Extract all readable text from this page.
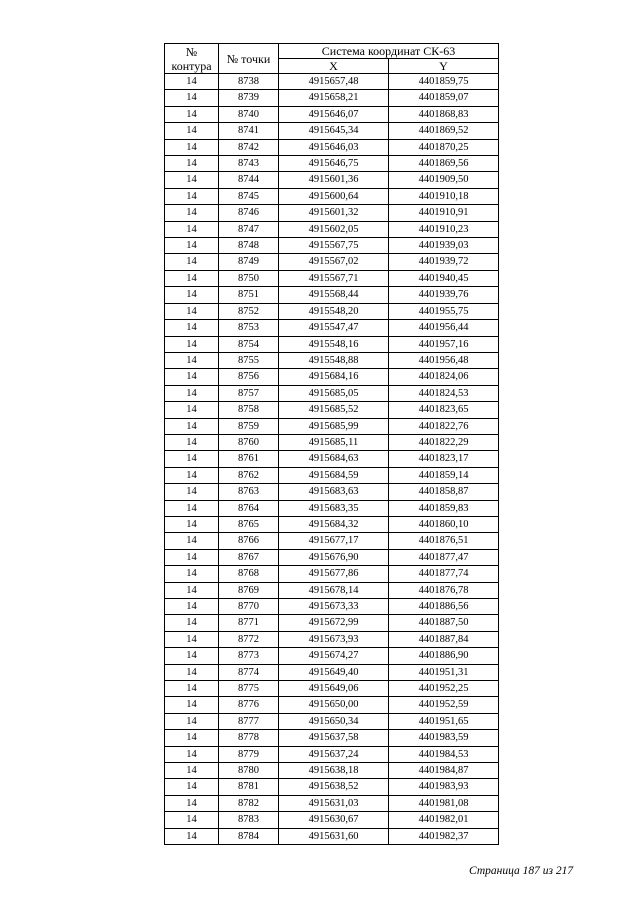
№
контура	№ точки	Система координат СК-63	
		X	Y
14	8738	4915657,48	4401859,75
14	8739	4915658,21	4401859,07
14	8740	4915646,07	4401868,83
14	8741	4915645,34	4401869,52
14	8742	4915646,03	4401870,25
14	8743	4915646,75	4401869,56
14	8744	4915601,36	4401909,50
14	8745	4915600,64	4401910,18
14	8746	4915601,32	4401910,91
14	8747	4915602,05	4401910,23
14	8748	4915567,75	4401939,03
14	8749	4915567,02	4401939,72
14	8750	4915567,71	4401940,45
14	8751	4915568,44	4401939,76
14	8752	4915548,20	4401955,75
14	8753	4915547,47	4401956,44
14	8754	4915548,16	4401957,16
14	8755	4915548,88	4401956,48
14	8756	4915684,16	4401824,06
14	8757	4915685,05	4401824,53
14	8758	4915685,52	4401823,65
14	8759	4915685,99	4401822,76
14	8760	4915685,11	4401822,29
14	8761	4915684,63	4401823,17
14	8762	4915684,59	4401859,14
14	8763	4915683,63	4401858,87
14	8764	4915683,35	4401859,83
14	8765	4915684,32	4401860,10
14	8766	4915677,17	4401876,51
14	8767	4915676,90	4401877,47
14	8768	4915677,86	4401877,74
14	8769	4915678,14	4401876,78
14	8770	4915673,33	4401886,56
14	8771	4915672,99	4401887,50
14	8772	4915673,93	4401887,84
14	8773	4915674,27	4401886,90
14	8774	4915649,40	4401951,31
14	8775	4915649,06	4401952,25
14	8776	4915650,00	4401952,59
14	8777	4915650,34	4401951,65
14	8778	4915637,58	4401983,59
14	8779	4915637,24	4401984,53
14	8780	4915638,18	4401984,87
14	8781	4915638,52	4401983,93
14	8782	4915631,03	4401981,08
14	8783	4915630,67	4401982,01
14	8784	4915631,60	4401982,37
Страница 187 из 217
